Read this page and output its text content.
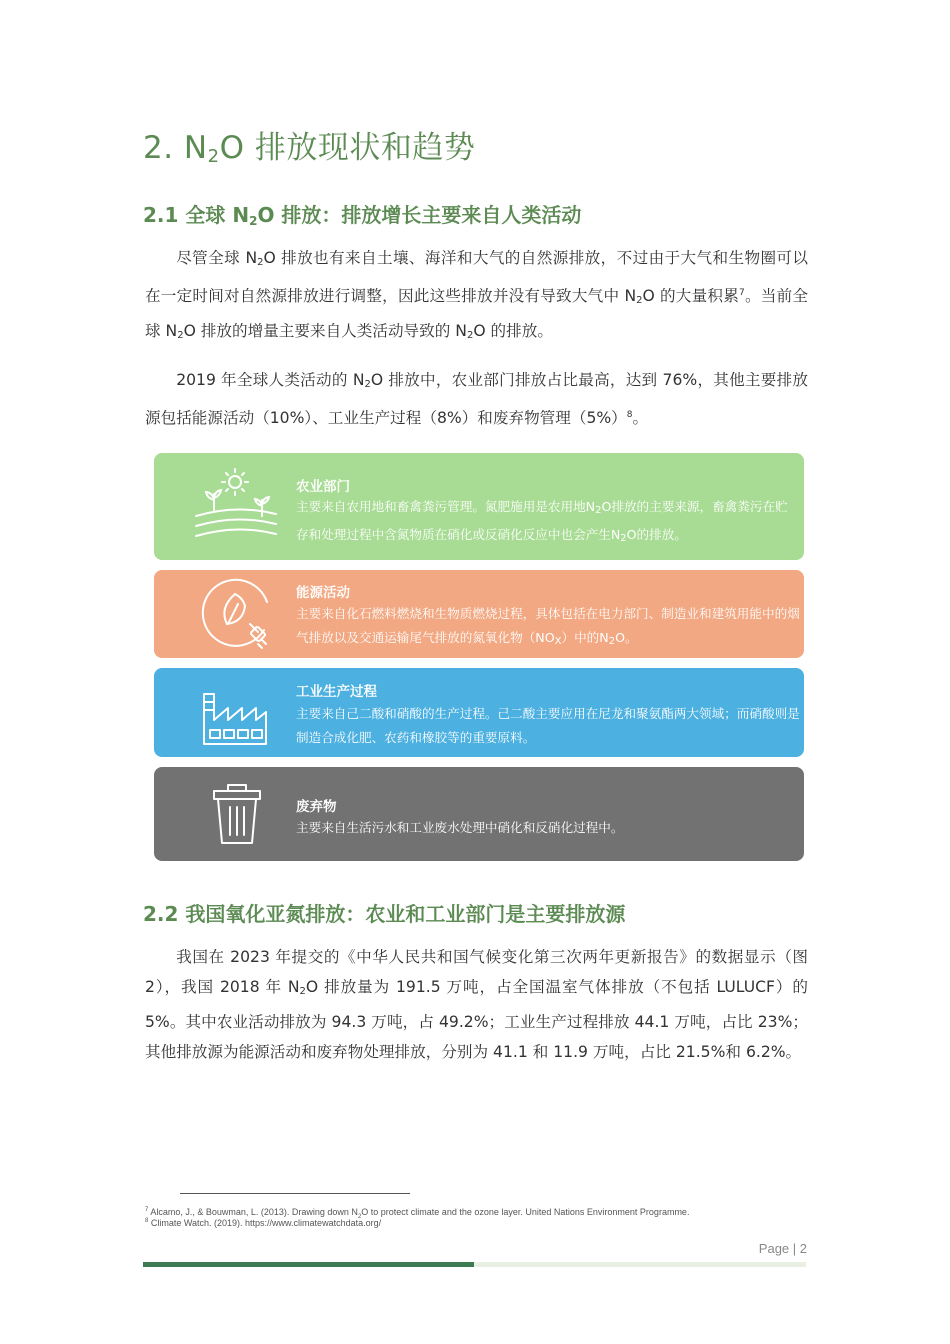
2. $N_2O$ 排放现状和趋势
2.1 全球 $N_2O$ 排放：排放增长主要来自人类活动

尽管全球 $N_2O$ 排放也有来自土壤、海洋和大气的自然源排放，不过由于大气和生物圈可以在一定时间对自然源排放进行调整，因此这些排放并没有导致大气中 $N_2O$ 的大量积累$^7$。当前全球 $N_2O$ 排放的增量主要来自人类活动导致的 $N_2O$ 的排放。

2019 年全球人类活动的 $N_2O$ 排放中，农业部门排放占比最高，达到 76%，其他主要排放源包括能源活动（10%）、工业生产过程（8%）和废弃物管理$(5\%)^8$。

农业部门

主要来自农用地和畜禽粪污管理。氮肥施用是农用地$N_2O$排放的主要来源，畜禽粪污在贮存和处理过程中含氮物质在硝化或反硝化反应中也会产生$N_2O$的排放。

能源活动

主要来自化石燃料燃烧和生物质燃烧过程，具体包括在电力部门、制造业和建筑用能中的烟气排放以及交通运输尾气排放的氮氧化物$(NO_X)$中的$N_2O$。

工业生产过程

主要来自己二酸和硝酸的生产过程。己二酸主要应用在尼龙和聚氨酯两大领域；而硝酸则是制造合成化肥、农药和橡胶等的重要原料。

废弃物

主要来自生活污水和工业废水处理中硝化和反硝化过程中。

2.2 我国氧化亚氮排放：农业和工业部门是主要排放源

我国在 2023 年提交的《中华人民共和国气候变化第三次两年更新报告》的数据显示（图 2），我国 2018 年 $N_2O$ 排放量为 191.5 万吨，占全国温室气体排放（不包括 LULUCF）的 5%。其中农业活动排放为 94.3 万吨，占 49.2%；工业生产过程排放 44.1 万吨，占比 23%；其他排放源为能源活动和废弃物处理排放，分别为 41.1 和 11.9 万吨，占比 21.5%和 6.2%。

$^7$ Alcamo, J., & Bouwman, L. (2013). Drawing down $N_2O$ to protect climate and the ozone layer. United Nations Environment Programme.
$^8$ Climate Watch. (2019). https://www.climatewatchdata.org/
Page | 2
